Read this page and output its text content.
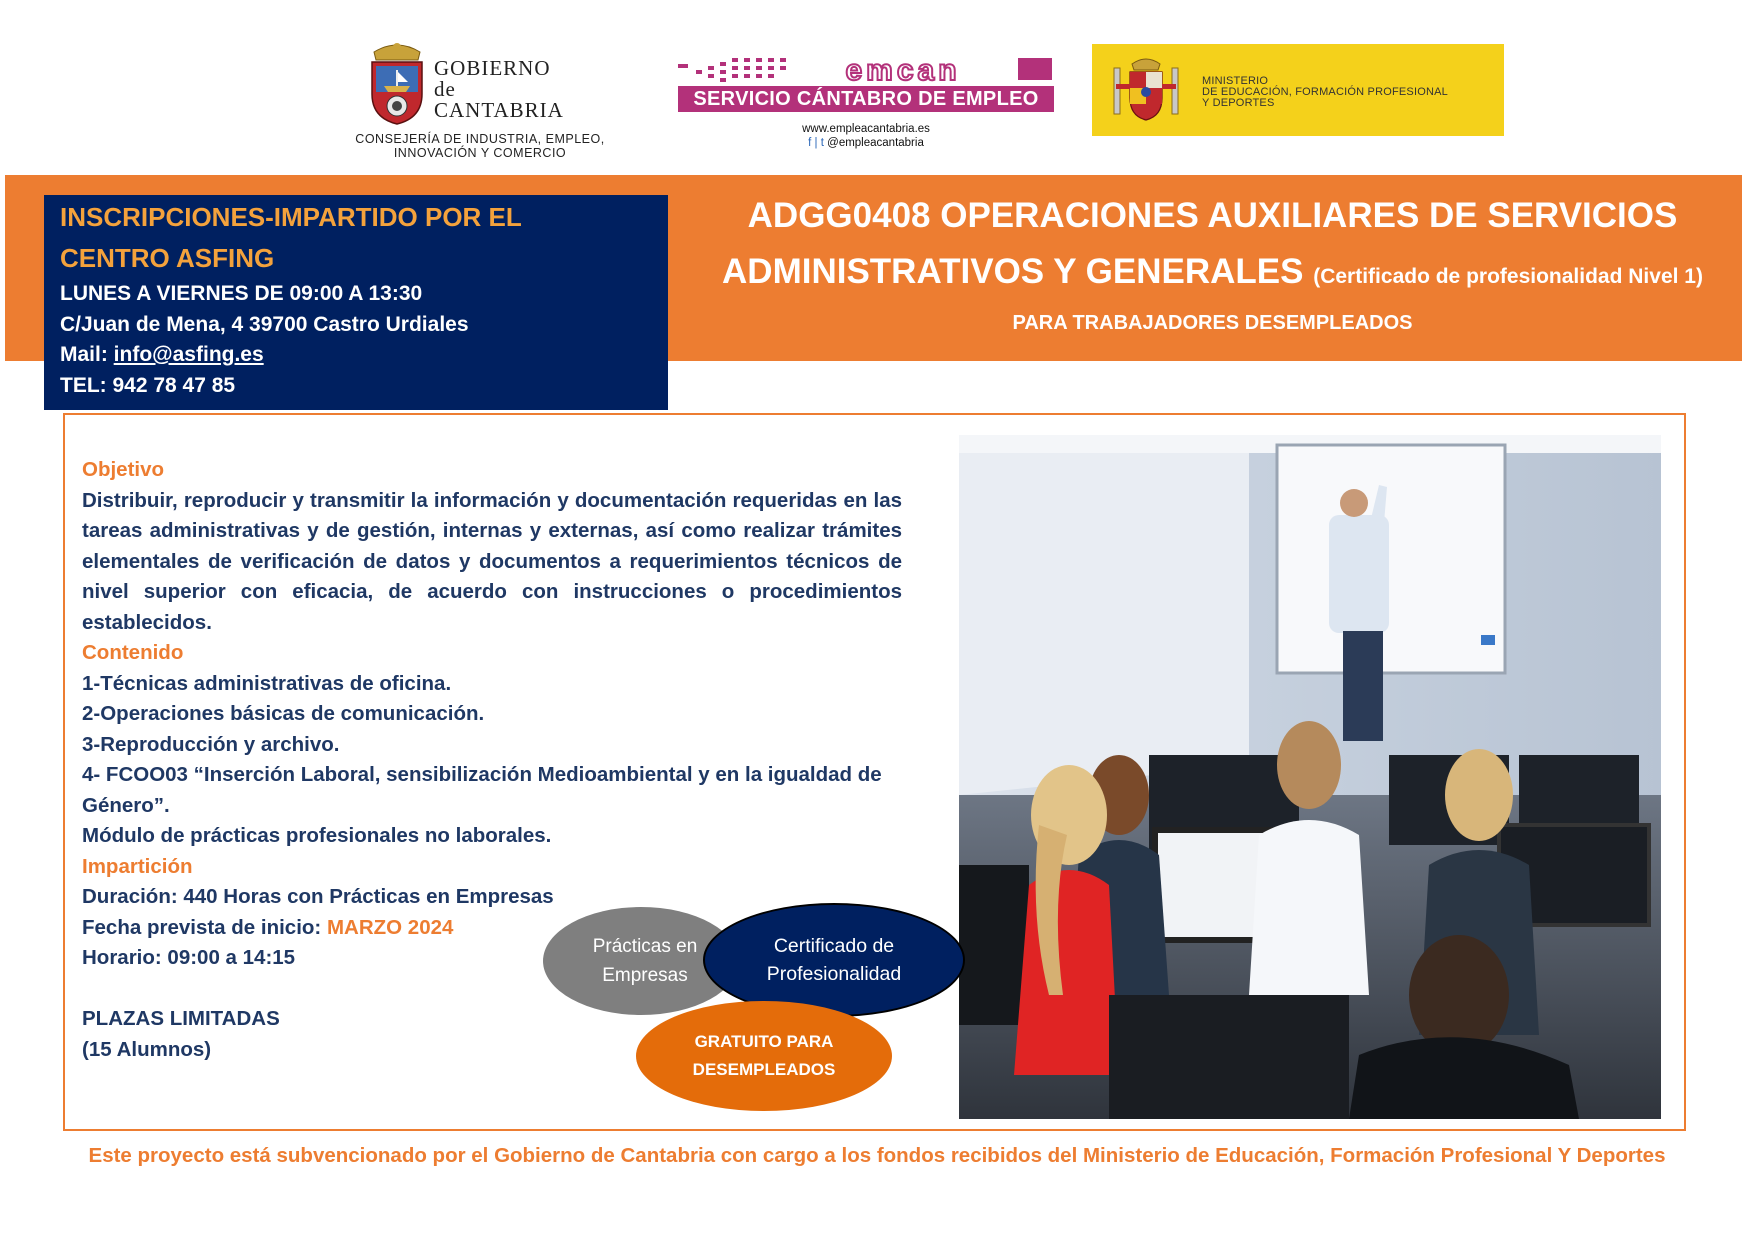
GOBIERNO
de
CANTABRIA
CONSEJERÍA DE INDUSTRIA, EMPLEO,
INNOVACIÓN Y COMERCIO
emcan
SERVICIO CÁNTABRO DE EMPLEO
www.empleacantabria.es
f | t @empleacantabria
MINISTERIO
DE EDUCACIÓN, FORMACIÓN PROFESIONAL
Y DEPORTES
INSCRIPCIONES-IMPARTIDO POR EL
CENTRO ASFING
LUNES A VIERNES DE 09:00 A 13:30
C/Juan de Mena, 4 39700 Castro Urdiales
Mail: info@asfing.es
TEL: 942 78 47 85
ADGG0408 OPERACIONES AUXILIARES DE SERVICIOS
ADMINISTRATIVOS Y GENERALES (Certificado de profesionalidad Nivel 1)
PARA TRABAJADORES DESEMPLEADOS
Objetivo
Distribuir, reproducir y transmitir la información y documentación requeridas en las tareas administrativas y de gestión, internas y externas, así como realizar trámites elementales de verificación de datos y documentos a requerimientos técnicos de nivel superior con eficacia, de acuerdo con instrucciones o procedimientos establecidos.
Contenido
1-Técnicas administrativas de oficina.
2-Operaciones básicas de comunicación.
3-Reproducción y archivo.
4- FCOO03 “Inserción Laboral, sensibilización Medioambiental y en la igualdad de Género”.
Módulo de prácticas profesionales no laborales.
Impartición
Duración: 440 Horas con Prácticas en Empresas
Fecha prevista de inicio: MARZO 2024
Horario: 09:00 a 14:15
PLAZAS LIMITADAS
(15 Alumnos)
Prácticas en
Empresas
Certificado de
Profesionalidad
GRATUITO PARA
DESEMPLEADOS
Este proyecto está subvencionado por el Gobierno de Cantabria con cargo a los fondos recibidos del Ministerio de Educación, Formación Profesional Y Deportes
